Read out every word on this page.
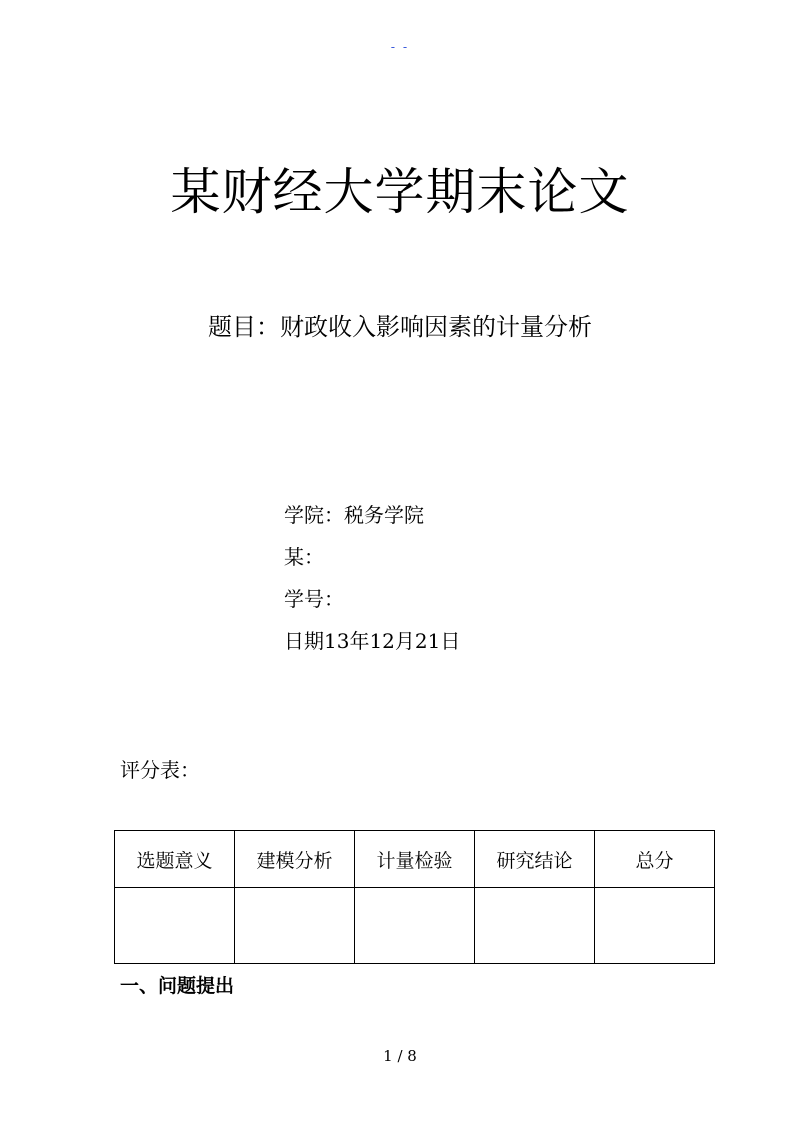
- -
某财经大学期末论文
题目：财政收入影响因素的计量分析
学院：税务学院
某：
学号：
日期13年12月21日
评分表：
选题意义	建模分析	计量检验	研究结论	总分

一、问题提出
1 / 8
